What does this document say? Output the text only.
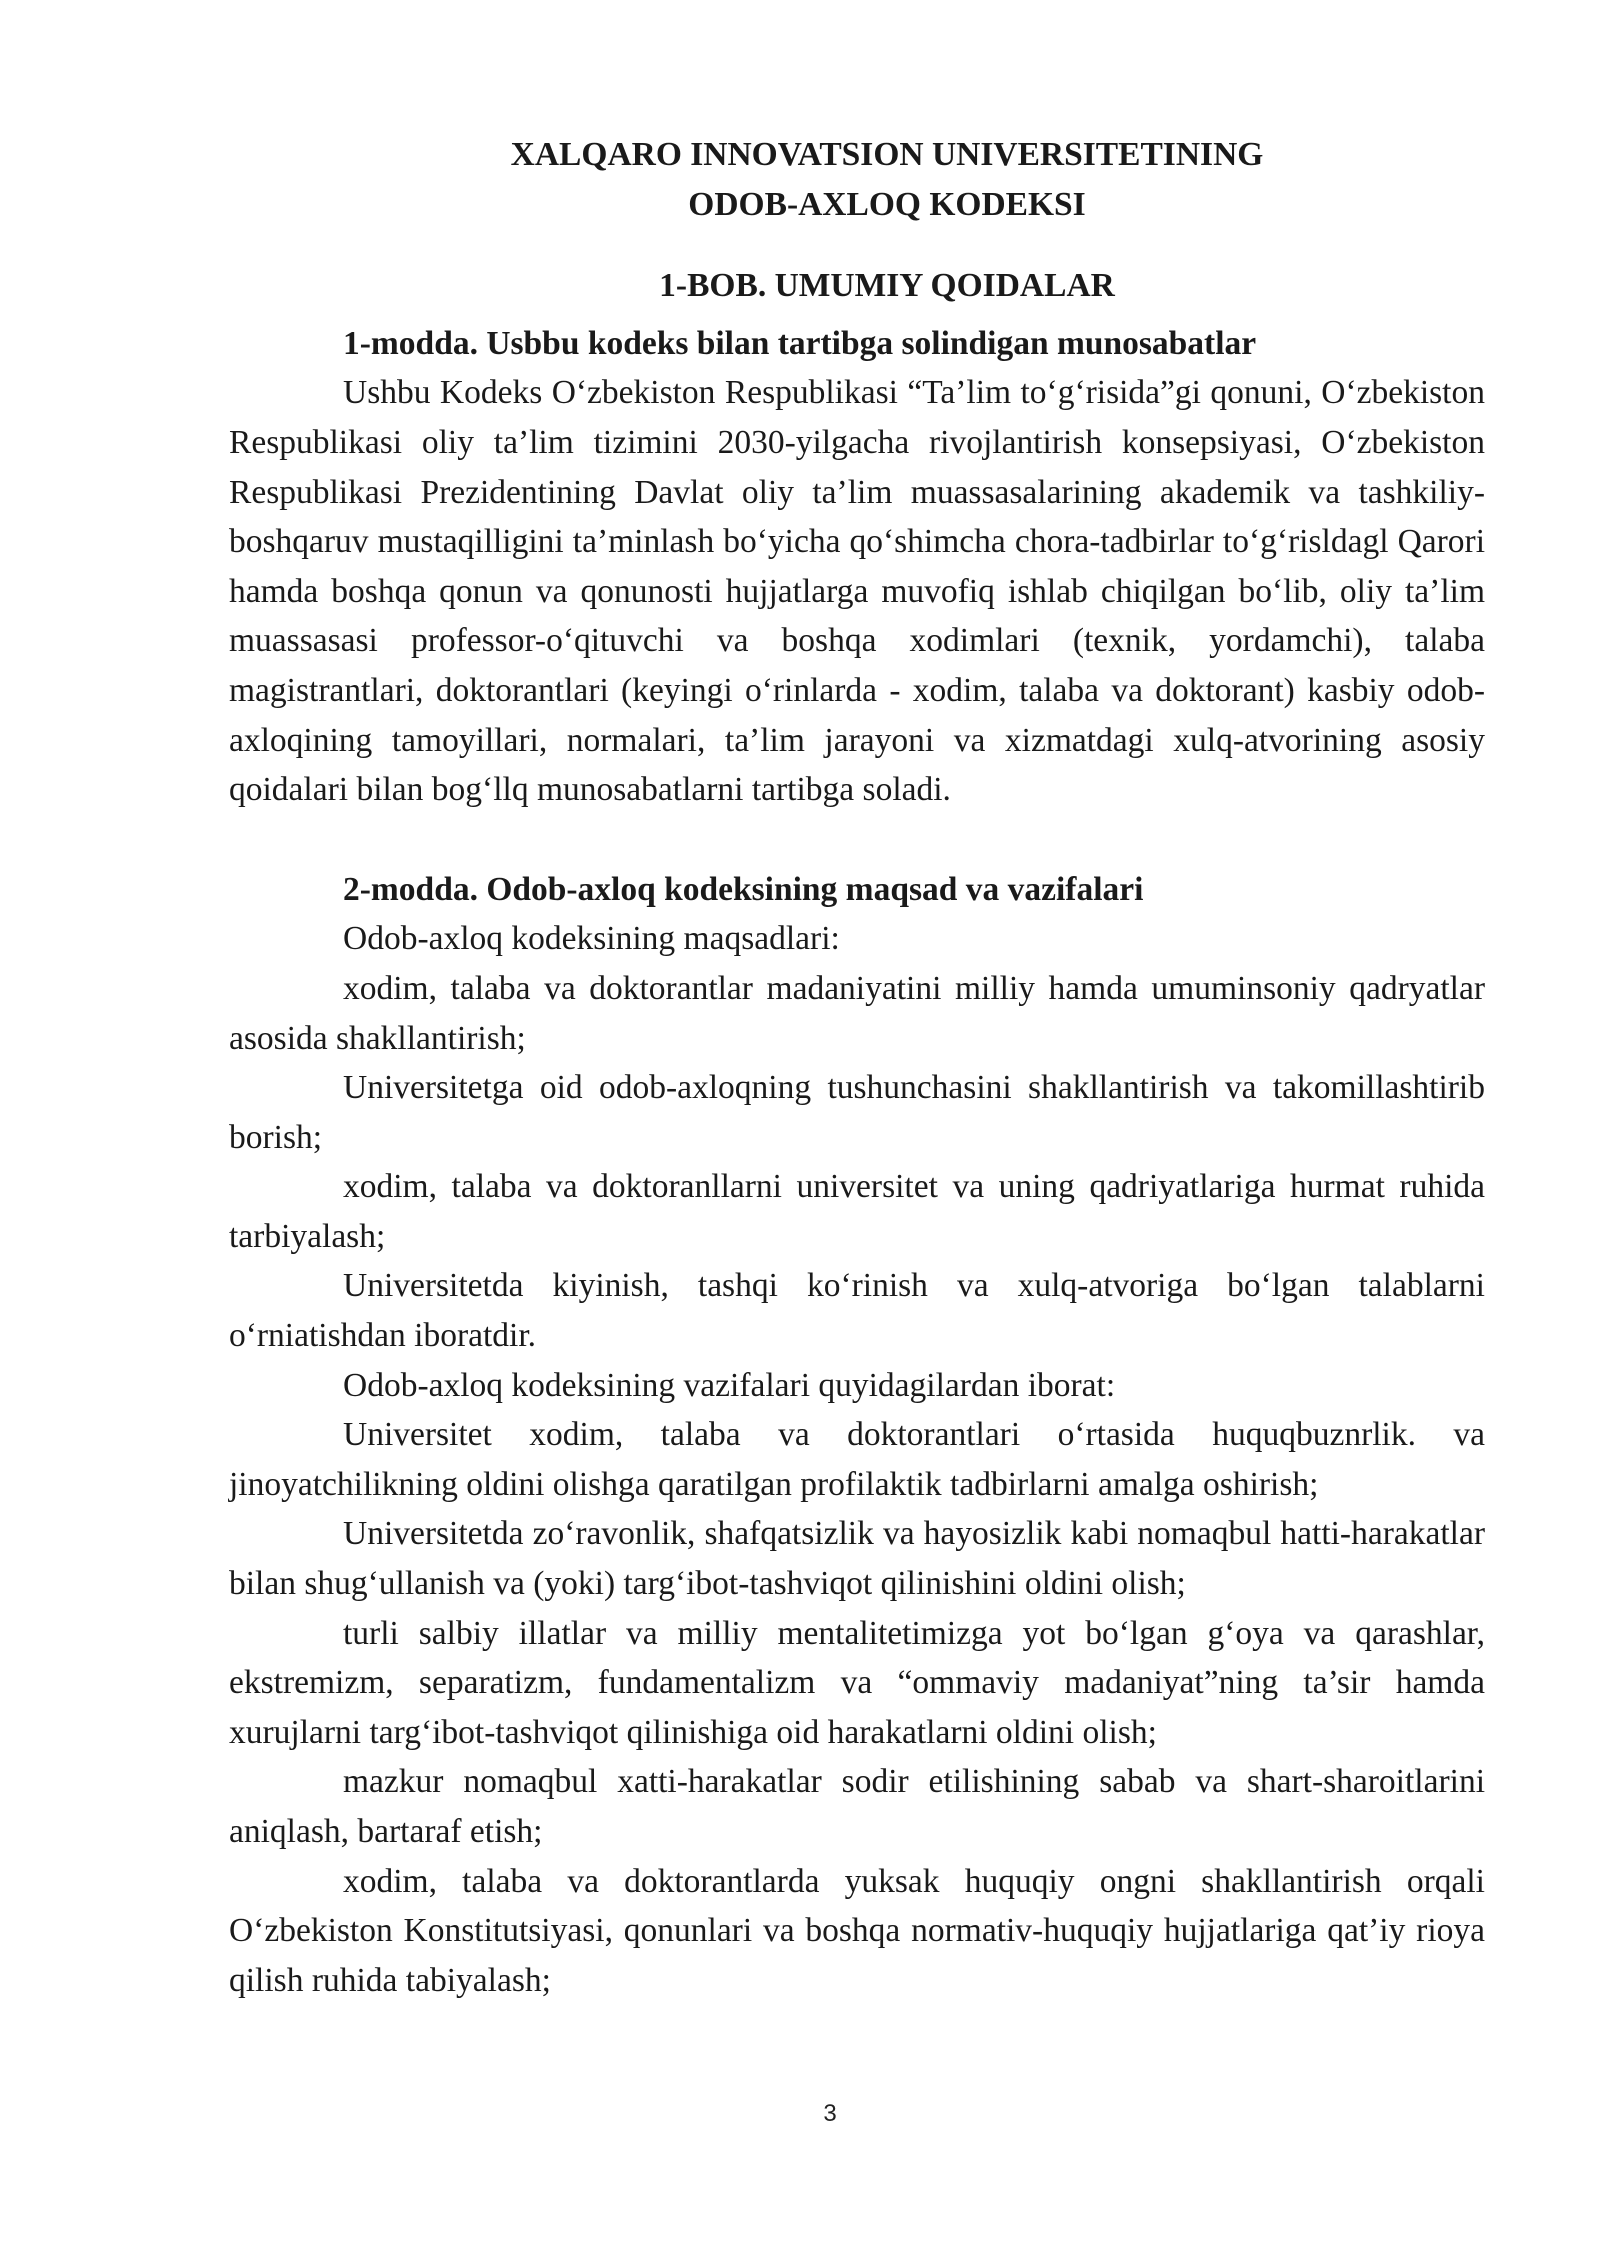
XALQARO INNOVATSION UNIVERSITETINING
ODOB-AXLOQ KODEKSI

1-BOB. UMUMIY QOIDALAR

1-modda. Usbbu kodeks bilan tartibga solindigan munosabatlar

Ushbu Kodeks O‘zbekiston Respublikasi “Ta’lim to‘g‘risida”gi qonuni, O‘zbekiston Respublikasi oliy ta’lim tizimini 2030-yilgacha rivojlantirish konsepsiyasi, O‘zbekiston Respublikasi Prezidentining Davlat oliy ta’lim muassasalarining akademik va tashkiliy-boshqaruv mustaqilligini ta’minlash bo‘yicha qo‘shimcha chora-tadbirlar to‘g‘risldagl Qarori hamda boshqa qonun va qonunosti hujjatlarga muvofiq ishlab chiqilgan bo‘lib, oliy ta’lim muassasasi professor-o‘qituvchi va boshqa xodimlari (texnik, yordamchi), talaba magistrantlari, doktorantlari (keyingi o‘rinlarda - xodim, talaba va doktorant) kasbiy odob-axloqining tamoyillari, normalari, ta’lim jarayoni va xizmatdagi xulq-atvorining asosiy qoidalari bilan bog‘llq munosabatlarni tartibga soladi.

2-modda. Odob-axloq kodeksining maqsad va vazifalari

Odob-axloq kodeksining maqsadlari:

xodim, talaba va doktorantlar madaniyatini milliy hamda umuminsoniy qadryatlar asosida shakllantirish;

Universitetga oid odob-axloqning tushunchasini shakllantirish va takomillashtirib borish;

xodim, talaba va doktoranllarni universitet va uning qadriyatlariga hurmat ruhida tarbiyalash;

Universitetda kiyinish, tashqi ko‘rinish va xulq-atvoriga bo‘lgan talablarni o‘rniatishdan iboratdir.

Odob-axloq kodeksining vazifalari quyidagilardan iborat:

Universitet xodim, talaba va doktorantlari o‘rtasida huquqbuznrlik. va jinoyatchilikning oldini olishga qaratilgan profilaktik tadbirlarni amalga oshirish;

Universitetda zo‘ravonlik, shafqatsizlik va hayosizlik kabi nomaqbul hatti-harakatlar bilan shug‘ullanish va (yoki) targ‘ibot-tashviqot qilinishini oldini olish;

turli salbiy illatlar va milliy mentalitetimizga yot bo‘lgan g‘oya va qarashlar, ekstremizm, separatizm, fundamentalizm va “ommaviy madaniyat”ning ta’sir hamda xurujlarni targ‘ibot-tashviqot qilinishiga oid harakatlarni oldini olish;

mazkur nomaqbul xatti-harakatlar sodir etilishining sabab va shart-sharoitlarini aniqlash, bartaraf etish;

xodim, talaba va doktorantlarda yuksak huquqiy ongni shakllantirish orqali O‘zbekiston Konstitutsiyasi, qonunlari va boshqa normativ-huquqiy hujjatlariga qat’iy rioya qilish ruhida tabiyalash;

3
